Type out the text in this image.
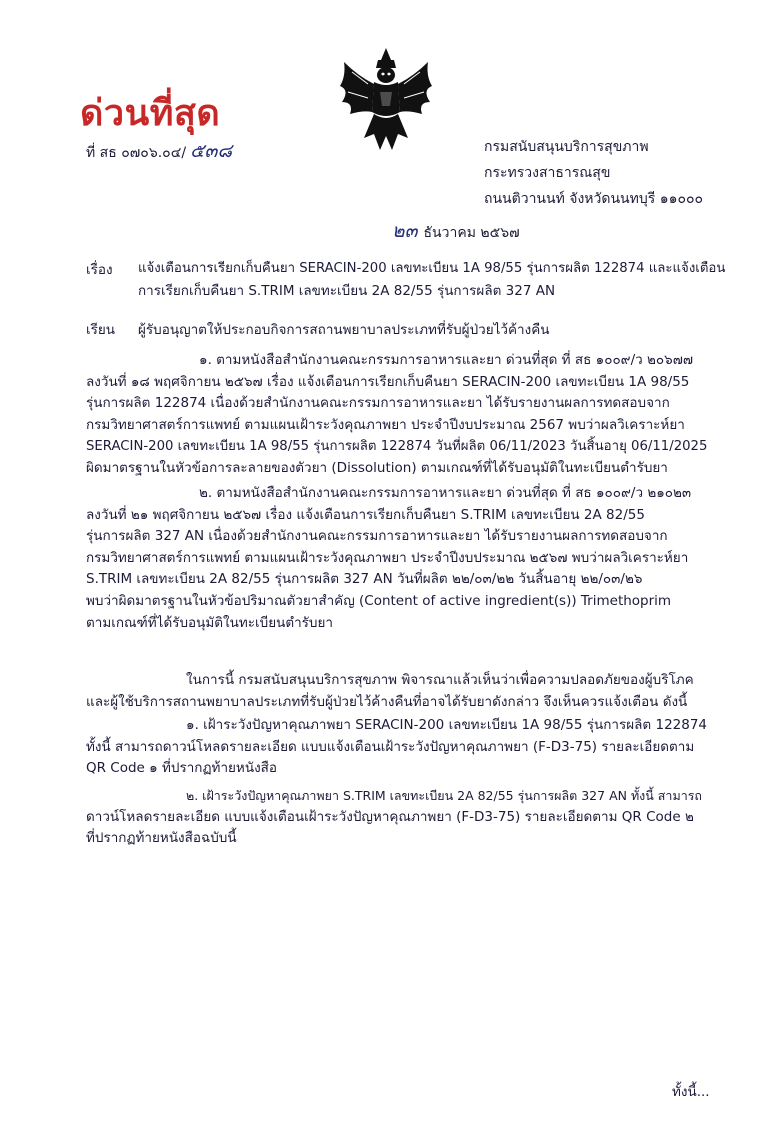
ด่วนที่สุด
ที่ สธ ๐๗๐๖.๐๔/ ๕๓๘	กรมสนับสนุนบริการสุขภาพ
กระทรวงสาธารณสุข
ถนนติวานนท์ จังหวัดนนทบุรี ๑๑๐๐๐
๒๓ ธันวาคม ๒๕๖๗
เรื่อง แจ้งเตือนการเรียกเก็บคืนยา SERACIN-200 เลขทะเบียน 1A 98/55 รุ่นการผลิต 122874 และแจ้งเตือน
การเรียกเก็บคืนยา S.TRIM เลขทะเบียน 2A 82/55 รุ่นการผลิต 327 AN
เรียน ผู้รับอนุญาตให้ประกอบกิจการสถานพยาบาลประเภทที่รับผู้ป่วยไว้ค้างคืน
๑. ตามหนังสือสำนักงานคณะกรรมการอาหารและยา ด่วนที่สุด ที่ สธ ๑๐๐๙/ว ๒๐๖๗๗
ลงวันที่ ๑๘ พฤศจิกายน ๒๕๖๗ เรื่อง แจ้งเตือนการเรียกเก็บคืนยา SERACIN-200 เลขทะเบียน 1A 98/55
รุ่นการผลิต 122874 เนื่องด้วยสำนักงานคณะกรรมการอาหารและยา ได้รับรายงานผลการทดสอบจาก
กรมวิทยาศาสตร์การแพทย์ ตามแผนเฝ้าระวังคุณภาพยา ประจำปีงบประมาณ 2567 พบว่าผลวิเคราะห์ยา
SERACIN-200 เลขทะเบียน 1A 98/55 รุ่นการผลิต 122874 วันที่ผลิต 06/11/2023 วันสิ้นอายุ 06/11/2025
ผิดมาตรฐานในหัวข้อการละลายของตัวยา (Dissolution) ตามเกณฑ์ที่ได้รับอนุมัติในทะเบียนตำรับยา
๒. ตามหนังสือสำนักงานคณะกรรมการอาหารและยา ด่วนที่สุด ที่ สธ ๑๐๐๙/ว ๒๑๐๒๓
ลงวันที่ ๒๑ พฤศจิกายน ๒๕๖๗ เรื่อง แจ้งเตือนการเรียกเก็บคืนยา S.TRIM เลขทะเบียน 2A 82/55
รุ่นการผลิต 327 AN เนื่องด้วยสำนักงานคณะกรรมการอาหารและยา ได้รับรายงานผลการทดสอบจาก
กรมวิทยาศาสตร์การแพทย์ ตามแผนเฝ้าระวังคุณภาพยา ประจำปีงบประมาณ ๒๕๖๗ พบว่าผลวิเคราะห์ยา
S.TRIM เลขทะเบียน 2A 82/55 รุ่นการผลิต 327 AN วันที่ผลิต ๒๒/๐๓/๒๒ วันสิ้นอายุ ๒๒/๐๓/๒๖
พบว่าผิดมาตรฐานในหัวข้อปริมาณตัวยาสำคัญ (Content of active ingredient(s)) Trimethoprim
ตามเกณฑ์ที่ได้รับอนุมัติในทะเบียนตำรับยา
ในการนี้ กรมสนับสนุนบริการสุขภาพ พิจารณาแล้วเห็นว่าเพื่อความปลอดภัยของผู้บริโภค
และผู้ใช้บริการสถานพยาบาลประเภทที่รับผู้ป่วยไว้ค้างคืนที่อาจได้รับยาดังกล่าว จึงเห็นควรแจ้งเตือน ดังนี้
๑. เฝ้าระวังปัญหาคุณภาพยา SERACIN-200 เลขทะเบียน 1A 98/55 รุ่นการผลิต 122874
ทั้งนี้ สามารถดาวน์โหลดรายละเอียด แบบแจ้งเตือนเฝ้าระวังปัญหาคุณภาพยา (F-D3-75) รายละเอียดตาม
QR Code ๑ ที่ปรากฏท้ายหนังสือ
๒. เฝ้าระวังปัญหาคุณภาพยา S.TRIM เลขทะเบียน 2A 82/55 รุ่นการผลิต 327 AN ทั้งนี้ สามารถ
ดาวน์โหลดรายละเอียด แบบแจ้งเตือนเฝ้าระวังปัญหาคุณภาพยา (F-D3-75) รายละเอียดตาม QR Code ๒
ที่ปรากฏท้ายหนังสือฉบับนี้
ทั้งนี้...
